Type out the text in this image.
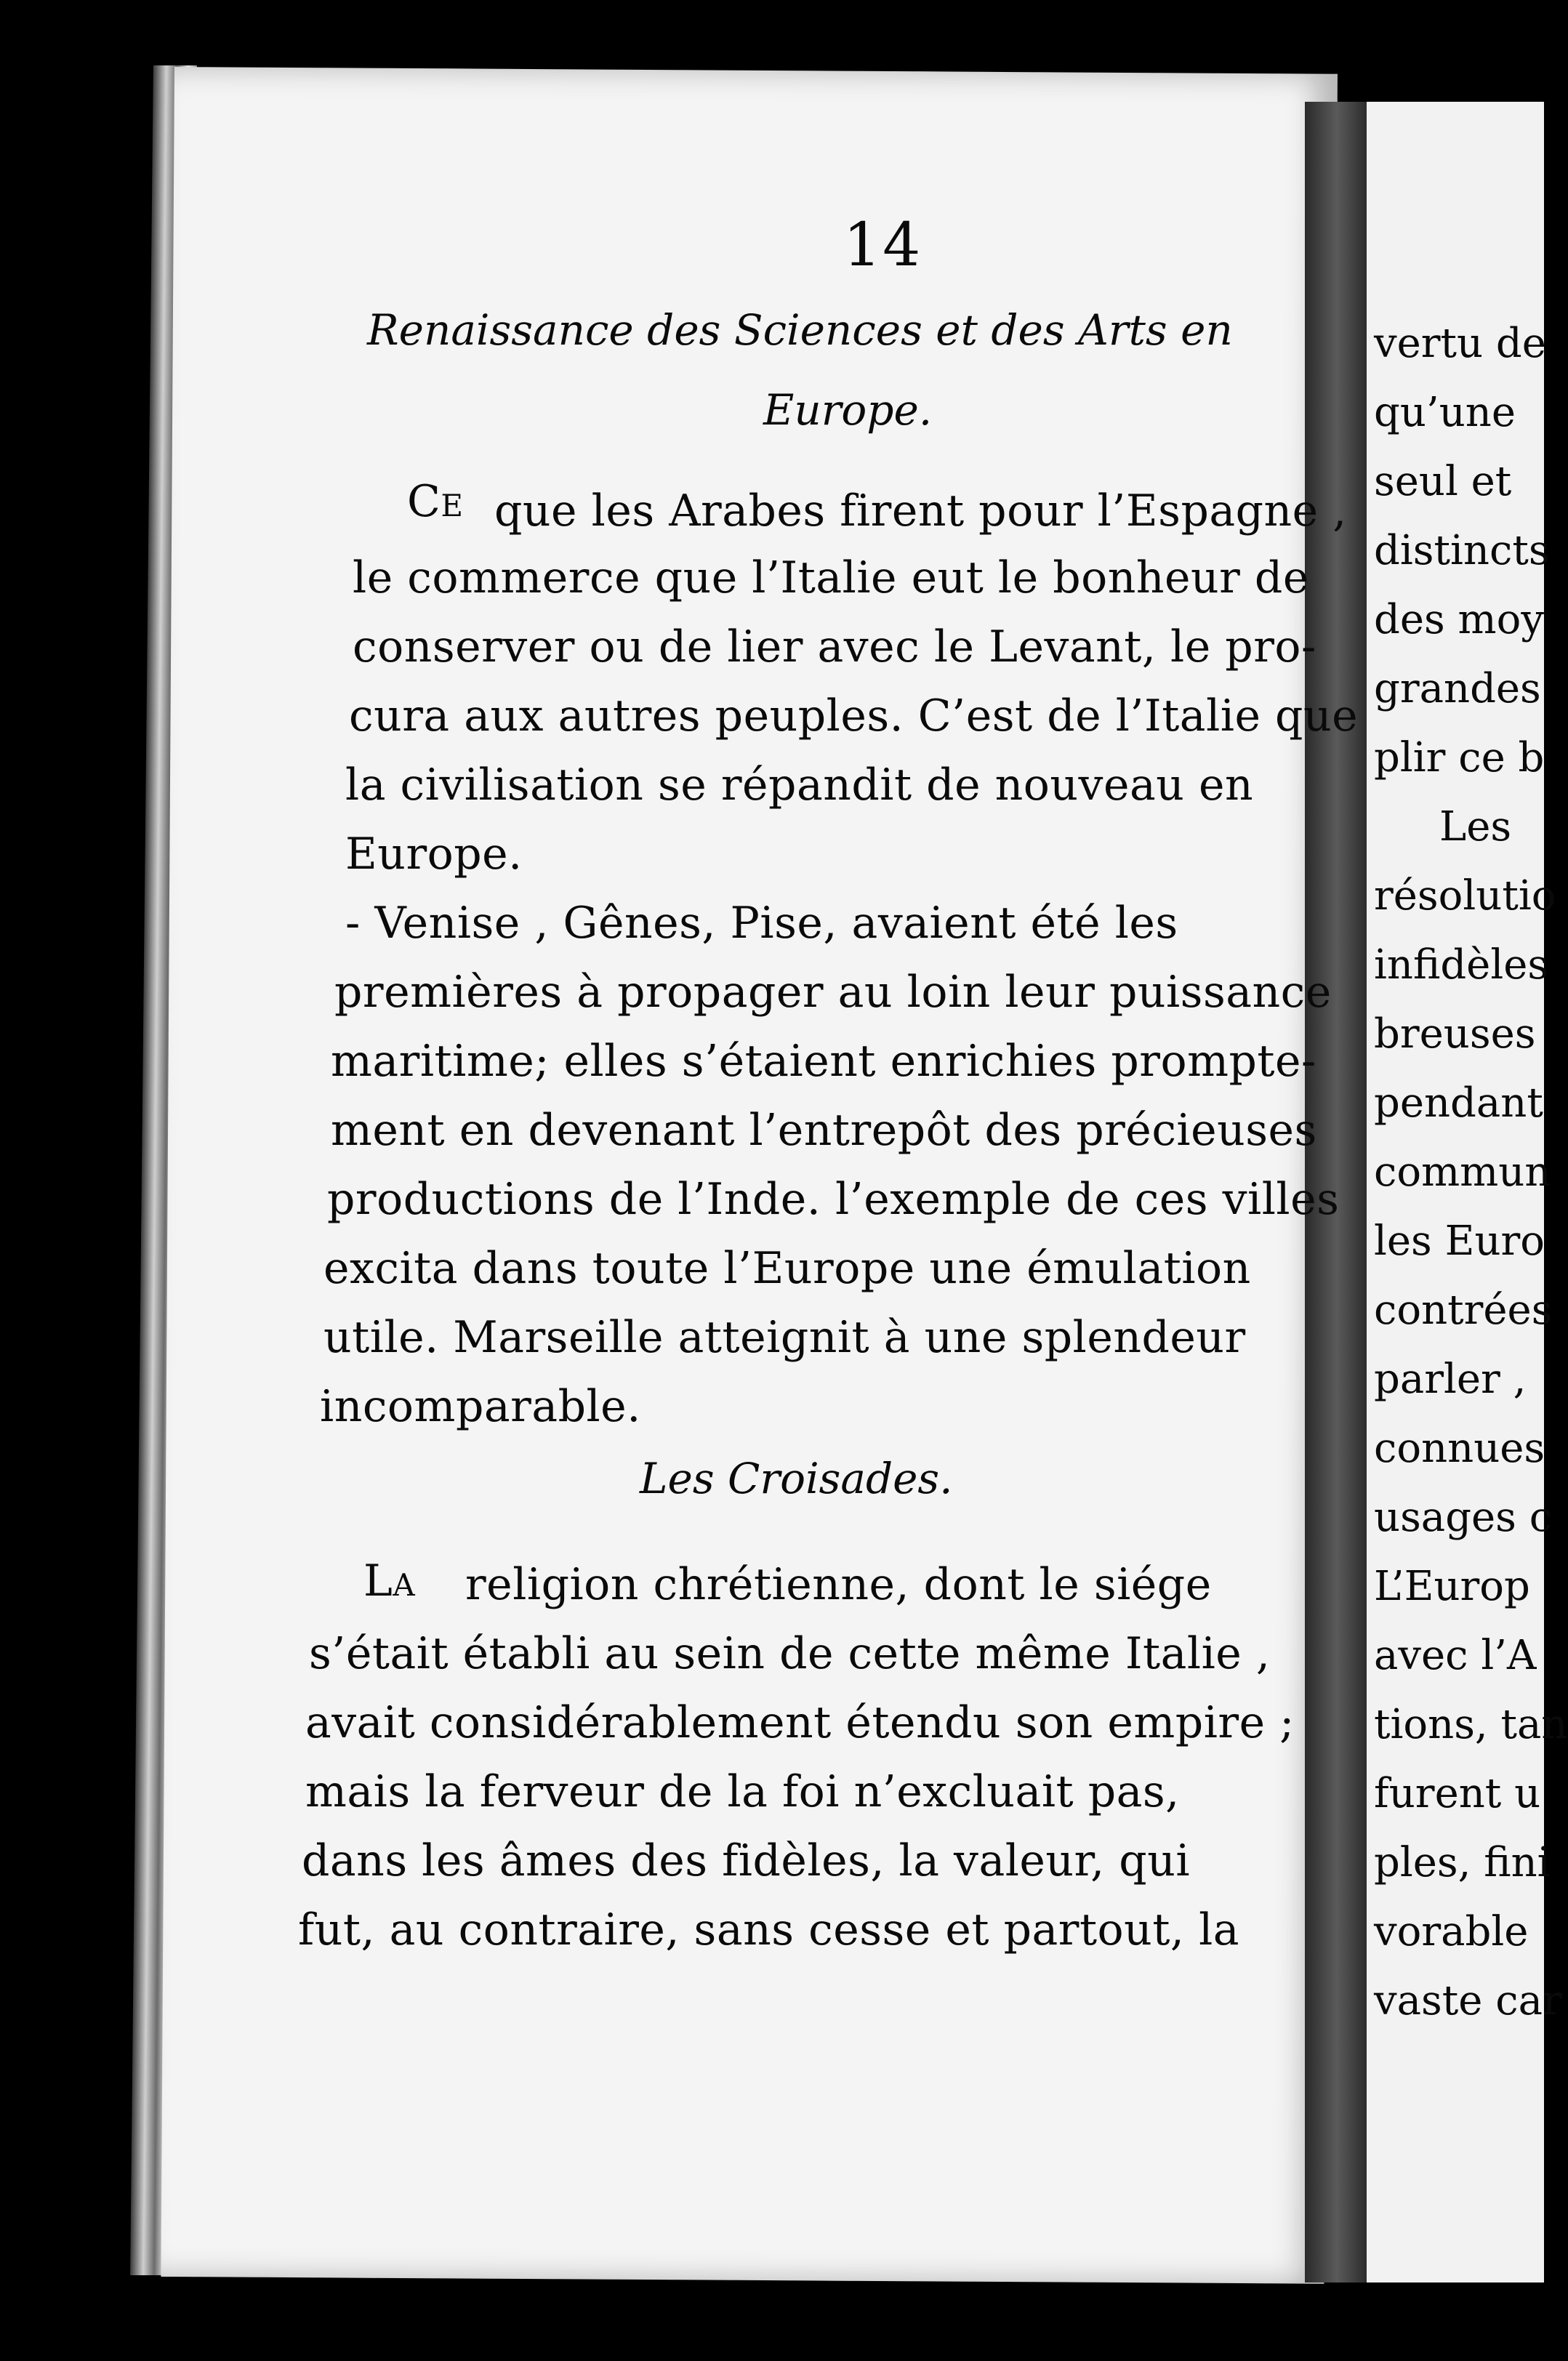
vertu de
qu’une
seul et
distincts
des moy
grandes
plir ce b
Les
résolutio
infidèles
breuses
pendant
commun
les Euro
contrées
parler ,
connues
usages c
L’Europ
avec l’A
tions, tan
furent u
ples, fini
vorable
vaste car
14
Renaissance des Sciences et des Arts en
Europe.
Ce que les Arabes firent pour l’Espagne ,
le commerce que l’Italie eut le bonheur de
conserver ou de lier avec le Levant, le pro-
cura aux autres peuples. C’est de l’Italie que
la civilisation se répandit de nouveau en
Europe.
- Venise , Gênes, Pise, avaient été les
premières à propager au loin leur puissance
maritime; elles s’étaient enrichies prompte-
ment en devenant l’entrepôt des précieuses
productions de l’Inde. l’exemple de ces villes
excita dans toute l’Europe une émulation
utile. Marseille atteignit à une splendeur
incomparable.
Les Croisades.
La religion chrétienne, dont le siége
s’était établi au sein de cette même Italie ,
avait considérablement étendu son empire ;
mais la ferveur de la foi n’excluait pas,
dans les âmes des fidèles, la valeur, qui
fut, au contraire, sans cesse et partout, la
